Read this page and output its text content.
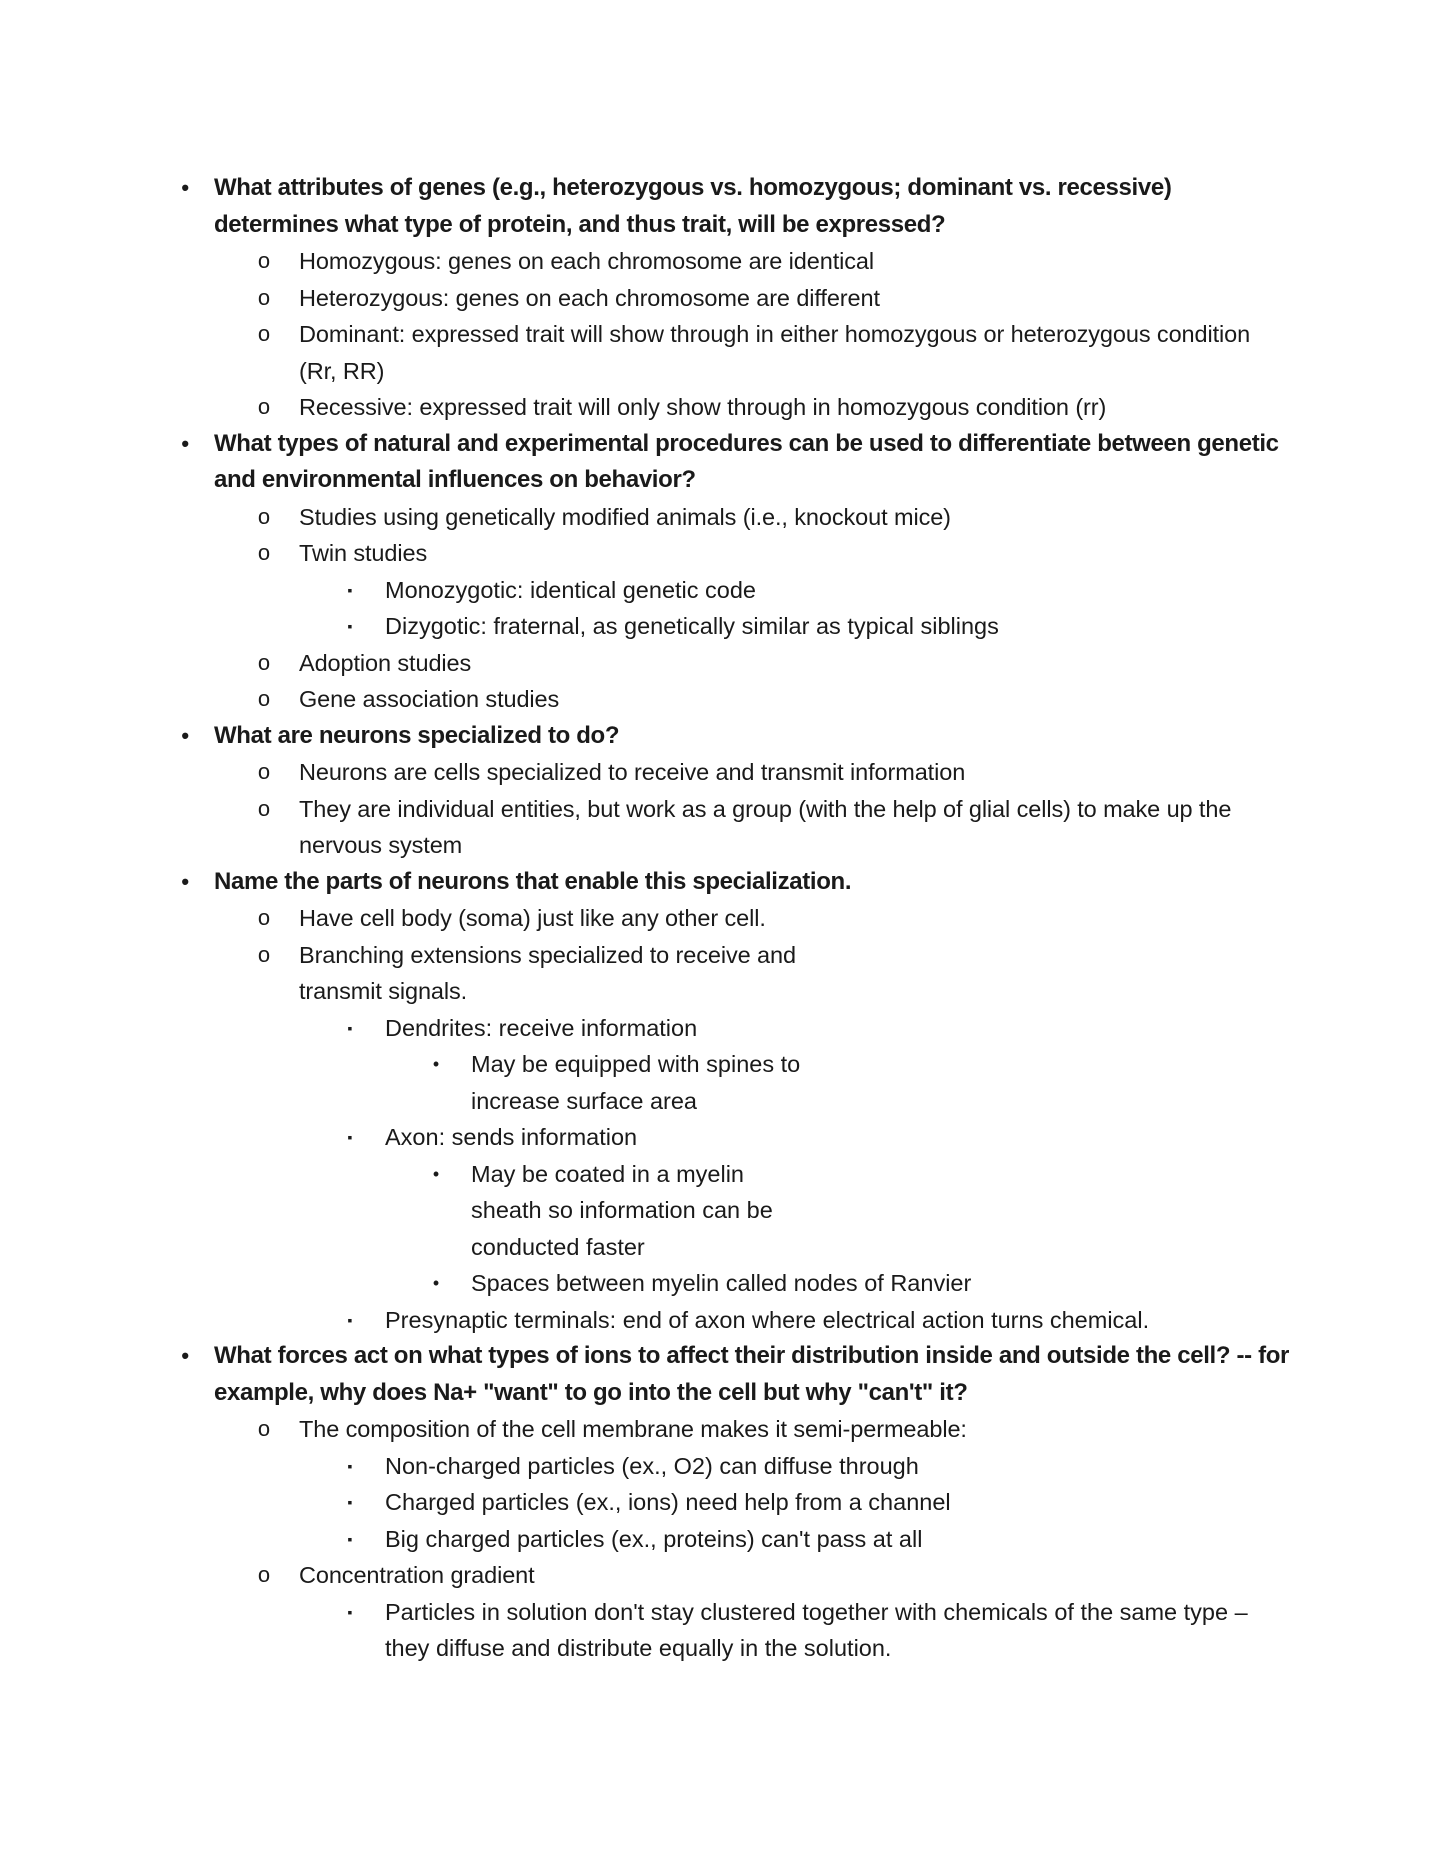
•	What attributes of genes (e.g., heterozygous vs. homozygous; dominant vs. recessive) determines what type of protein, and thus trait, will be expressed?
o	Homozygous: genes on each chromosome are identical
o	Heterozygous: genes on each chromosome are different
o	Dominant: expressed trait will show through in either homozygous or heterozygous condition (Rr, RR)
o	Recessive: expressed trait will only show through in homozygous condition (rr)
•	What types of natural and experimental procedures can be used to differentiate between genetic and environmental influences on behavior?
o	Studies using genetically modified animals (i.e., knockout mice)
o	Twin studies
▪	Monozygotic: identical genetic code
▪	Dizygotic: fraternal, as genetically similar as typical siblings
o	Adoption studies
o	Gene association studies
•	What are neurons specialized to do?
o	Neurons are cells specialized to receive and transmit information
o	They are individual entities, but work as a group (with the help of glial cells) to make up the nervous system
•	Name the parts of neurons that enable this specialization.
o	Have cell body (soma) just like any other cell.
o	Branching extensions specialized to receive and transmit signals.
▪	Dendrites: receive information
•	May be equipped with spines to increase surface area
▪	Axon: sends information
•	May be coated in a myelin sheath so information can be conducted faster
•	Spaces between myelin called nodes of Ranvier
▪	Presynaptic terminals: end of axon where electrical action turns chemical.
•	What forces act on what types of ions to affect their distribution inside and outside the cell? -- for example, why does Na+ "want" to go into the cell but why "can't" it?
o	The composition of the cell membrane makes it semi-permeable:
▪	Non-charged particles (ex., O2) can diffuse through
▪	Charged particles (ex., ions) need help from a channel
▪	Big charged particles (ex., proteins) can't pass at all
o	Concentration gradient
▪	Particles in solution don't stay clustered together with chemicals of the same type – they diffuse and distribute equally in the solution.
